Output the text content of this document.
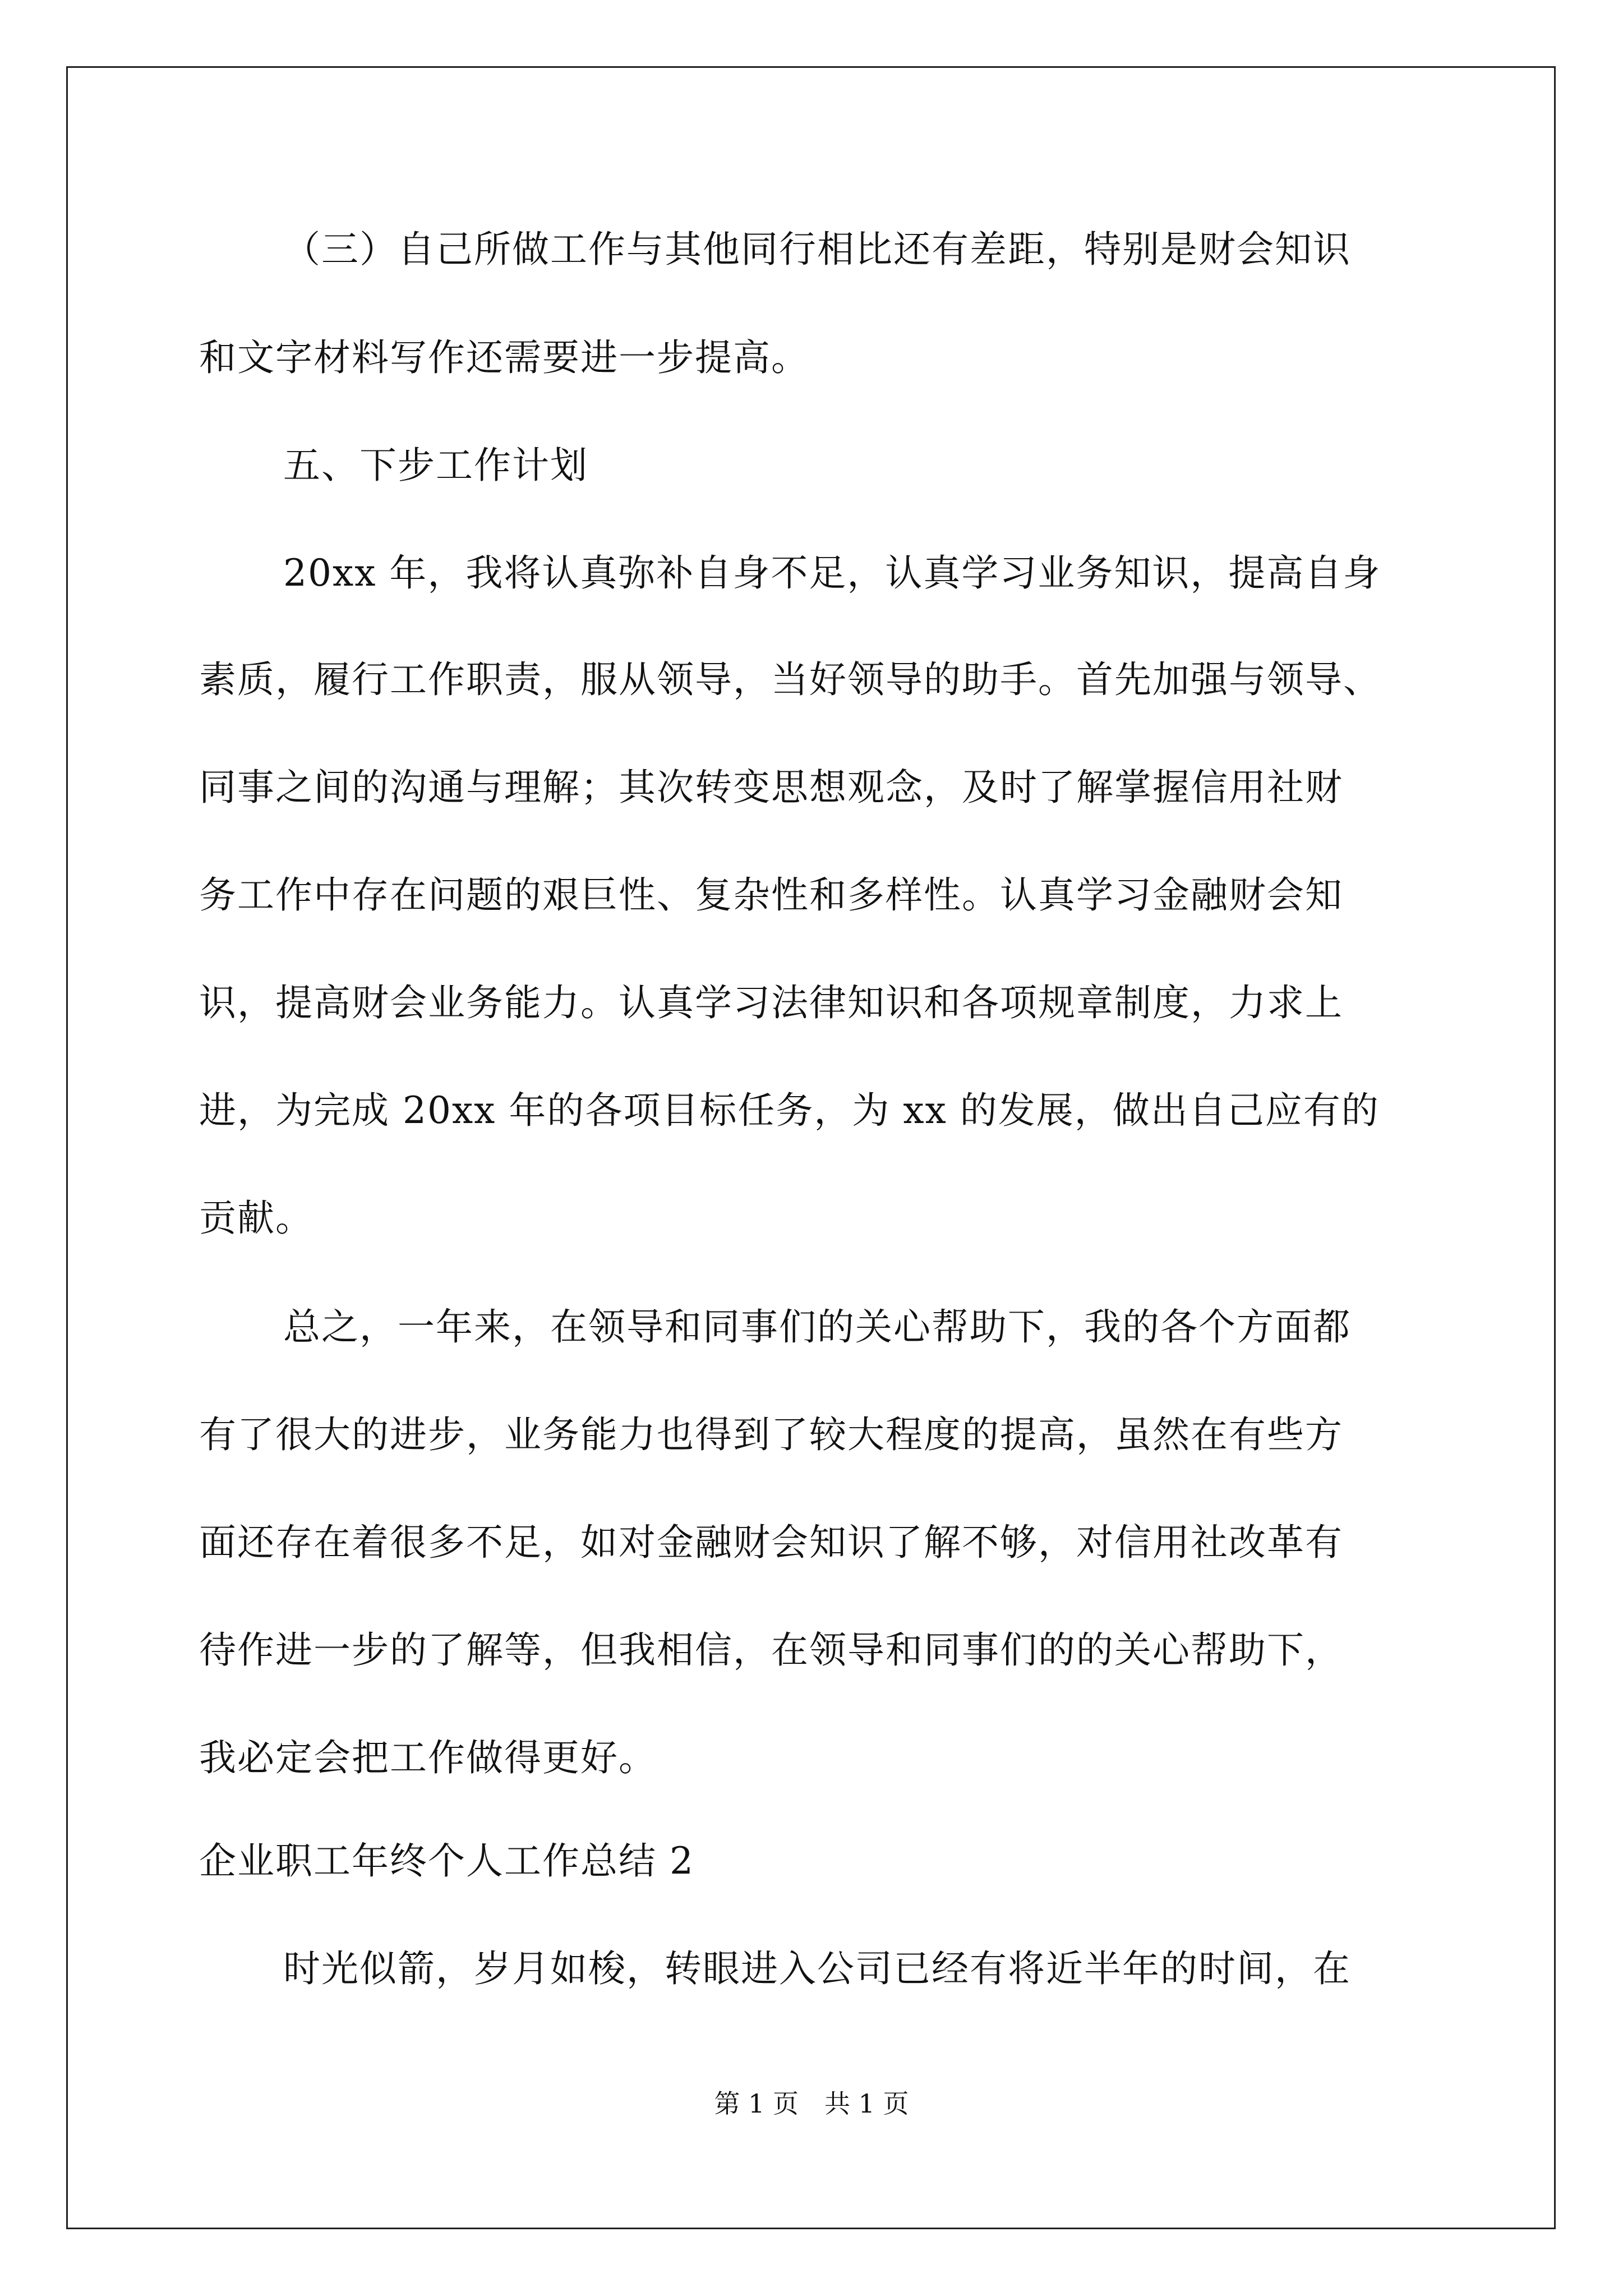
（三）自己所做工作与其他同行相比还有差距，特别是财会知识
和文字材料写作还需要进一步提高。
五、下步工作计划
20xx 年，我将认真弥补自身不足，认真学习业务知识，提高自身
素质，履行工作职责，服从领导，当好领导的助手。首先加强与领导、
同事之间的沟通与理解；其次转变思想观念，及时了解掌握信用社财
务工作中存在问题的艰巨性、复杂性和多样性。认真学习金融财会知
识，提高财会业务能力。认真学习法律知识和各项规章制度，力求上
进，为完成 20xx 年的各项目标任务，为 xx 的发展，做出自己应有的
贡献。
总之，一年来，在领导和同事们的关心帮助下，我的各个方面都
有了很大的进步，业务能力也得到了较大程度的提高，虽然在有些方
面还存在着很多不足，如对金融财会知识了解不够，对信用社改革有
待作进一步的了解等，但我相信，在领导和同事们的的关心帮助下，
我必定会把工作做得更好。
企业职工年终个人工作总结 2
时光似箭，岁月如梭，转眼进入公司已经有将近半年的时间，在
第 1 页　共 1 页
